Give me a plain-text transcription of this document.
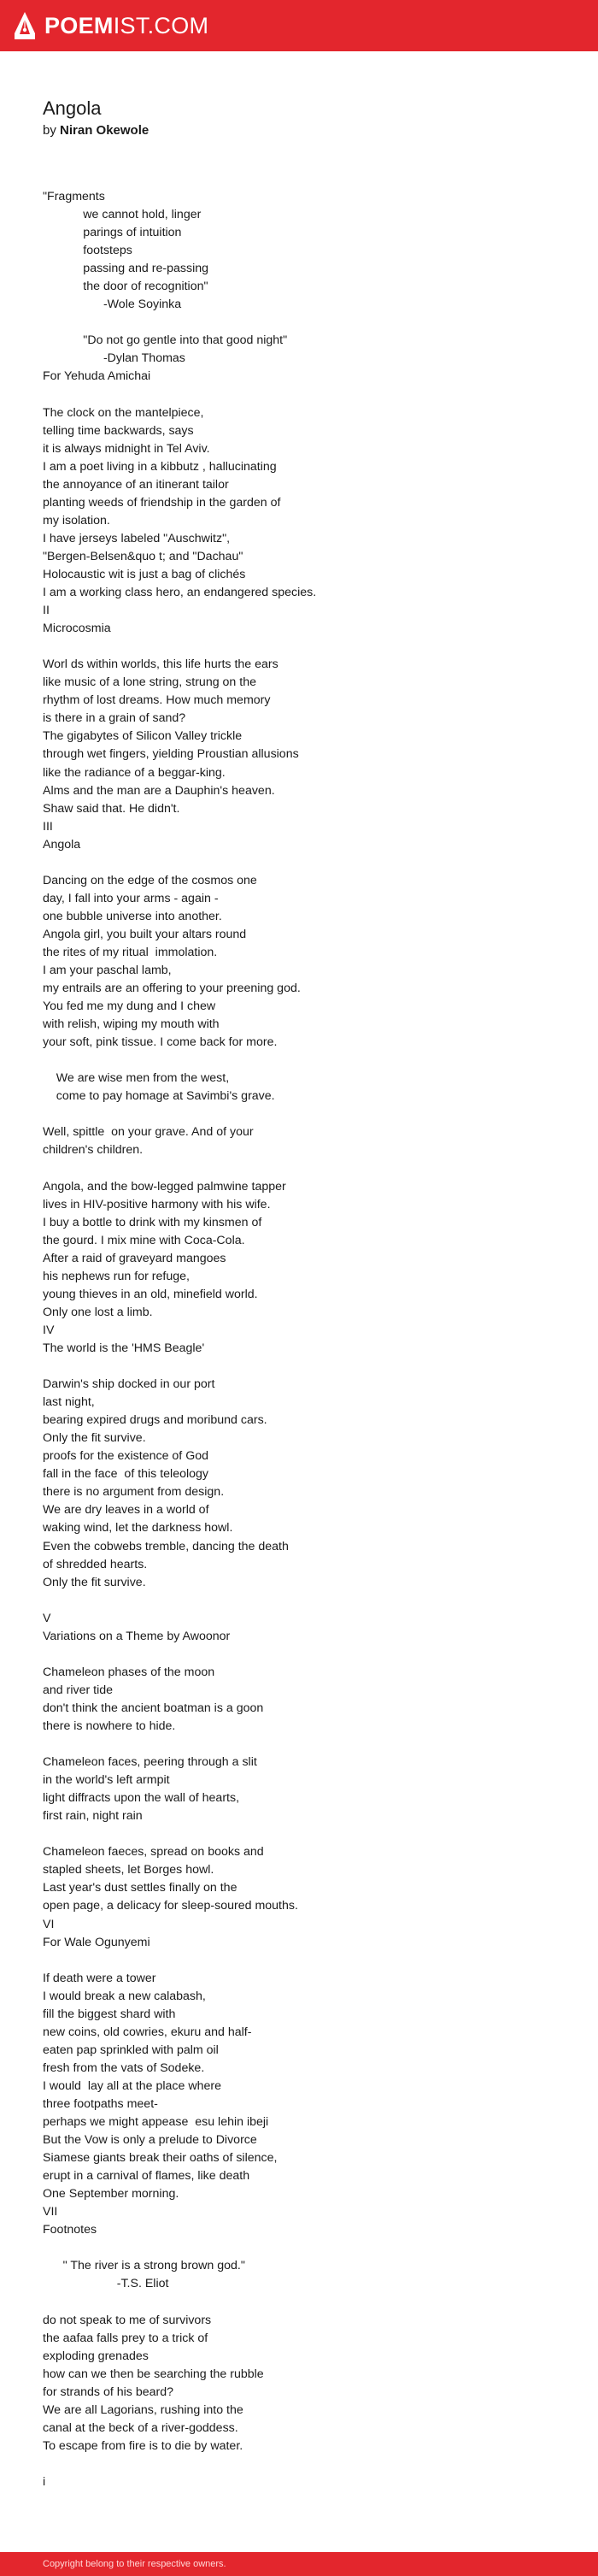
POEMIST.COM
Angola

by Niran Okewole

"Fragments
we cannot hold, linger
parings of intuition
footsteps
passing and re-passing
the door of recognition"
-Wole Soyinka
"Do not go gentle into that good night"
-Dylan Thomas
For Yehuda Amichai
The clock on the mantelpiece,
telling time backwards, says
it is always midnight in Tel Aviv.
I am a poet living in a kibbutz , hallucinating
the annoyance of an itinerant tailor
planting weeds of friendship in the garden of
my isolation.
I have jerseys labeled "Auschwitz",
"Bergen-Belsen&quo t; and "Dachau"
Holocaustic wit is just a bag of clichés
I am a working class hero, an endangered species.
II
Microcosmia
Worl ds within worlds, this life hurts the ears
like music of a lone string, strung on the
rhythm of lost dreams. How much memory
is there in a grain of sand?
The gigabytes of Silicon Valley trickle
through wet fingers, yielding Proustian allusions
like the radiance of a beggar-king.
Alms and the man are a Dauphin's heaven.
Shaw said that. He didn't.
III
Angola
Dancing on the edge of the cosmos one
day, I fall into your arms - again -
one bubble universe into another.
Angola girl, you built your altars round
the rites of my ritual  immolation.
I am your paschal lamb,
my entrails are an offering to your preening god.
You fed me my dung and I chew
with relish, wiping my mouth with
your soft, pink tissue. I come back for more.
We are wise men from the west,
come to pay homage at Savimbi's grave.
Well, spittle  on your grave. And of your
children's children.
Angola, and the bow-legged palmwine tapper
lives in HIV-positive harmony with his wife.
I buy a bottle to drink with my kinsmen of
the gourd. I mix mine with Coca-Cola.
After a raid of graveyard mangoes
his nephews run for refuge,
young thieves in an old, minefield world.
Only one lost a limb.
IV
The world is the 'HMS Beagle'
Darwin's ship docked in our port
last night,
bearing expired drugs and moribund cars.
Only the fit survive.
proofs for the existence of God
fall in the face  of this teleology
there is no argument from design.
We are dry leaves in a world of
waking wind, let the darkness howl.
Even the cobwebs tremble, dancing the death
of shredded hearts.
Only the fit survive.
V
Variations on a Theme by Awoonor
Chameleon phases of the moon
and river tide
don't think the ancient boatman is a goon
there is nowhere to hide.
Chameleon faces, peering through a slit
in the world's left armpit
light diffracts upon the wall of hearts,
first rain, night rain
Chameleon faeces, spread on books and
stapled sheets, let Borges howl.
Last year's dust settles finally on the
open page, a delicacy for sleep-soured mouths.
VI
For Wale Ogunyemi
If death were a tower
I would break a new calabash,
fill the biggest shard with
new coins, old cowries, ekuru and half-
eaten pap sprinkled with palm oil
fresh from the vats of Sodeke.
I would  lay all at the place where
three footpaths meet-
perhaps we might appease  esu lehin ibeji
But the Vow is only a prelude to Divorce
Siamese giants break their oaths of silence,
erupt in a carnival of flames, like death
One September morning.
VII
Footnotes
" The river is a strong brown god."
-T.S. Eliot
do not speak to me of survivors
the aafaa falls prey to a trick of
exploding grenades
how can we then be searching the rubble
for strands of his beard?
We are all Lagorians, rushing into the
canal at the beck of a river-goddess.
To escape from fire is to die by water.
i
Copyright belong to their respective owners.
